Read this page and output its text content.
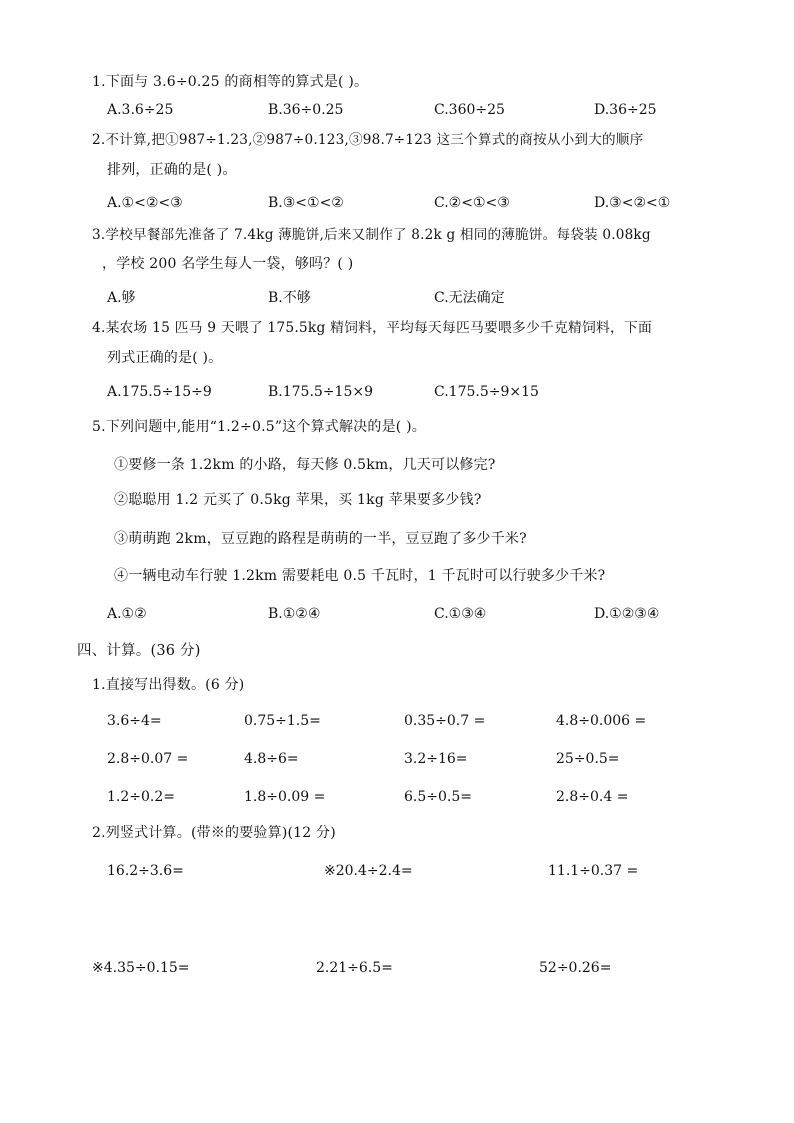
1.下面与 3.6÷0.25 的商相等的算式是( )。
A.3.6÷25	B.36÷0.25	C.360÷25	D.36÷25
2.不计算,把①987÷1.23,②987÷0.123,③98.7÷123 这三个算式的商按从小到大的顺序
排列，正确的是( )。
A.①<②<③	B.③<①<②	C.②<①<③	D.③<②<①
3.学校早餐部先准备了 7.4kg 薄脆饼,后来又制作了 8.2k g 相同的薄脆饼。每袋装 0.08kg
，学校 200 名学生每人一袋，够吗？( )
A.够	B.不够	C.无法确定
4.某农场 15 匹马 9 天喂了 175.5kg 精饲料，平均每天每匹马要喂多少千克精饲料，下面
列式正确的是( )。
A.175.5÷15÷9	B.175.5÷15×9	C.175.5÷9×15
5.下列问题中,能用“1.2÷0.5”这个算式解决的是( )。
①要修一条 1.2km 的小路，每天修 0.5km，几天可以修完?
②聪聪用 1.2 元买了 0.5kg 苹果，买 1kg 苹果要多少钱?
③萌萌跑 2km，豆豆跑的路程是萌萌的一半，豆豆跑了多少千米?
④一辆电动车行驶 1.2km 需要耗电 0.5 千瓦时，1 千瓦时可以行驶多少千米?
A.①②	B.①②④	C.①③④	D.①②③④
四、计算。(36 分)
1.直接写出得数。(6 分)
3.6÷4=	0.75÷1.5=	0.35÷0.7 =	4.8÷0.006 =
2.8÷0.07 =	4.8÷6=	3.2÷16=	25÷0.5=
1.2÷0.2=	1.8÷0.09 =	6.5÷0.5=	2.8÷0.4 =
2.列竖式计算。(带※的要验算)(12 分)
16.2÷3.6=	※20.4÷2.4=	11.1÷0.37 =
※4.35÷0.15=	2.21÷6.5=	52÷0.26=
